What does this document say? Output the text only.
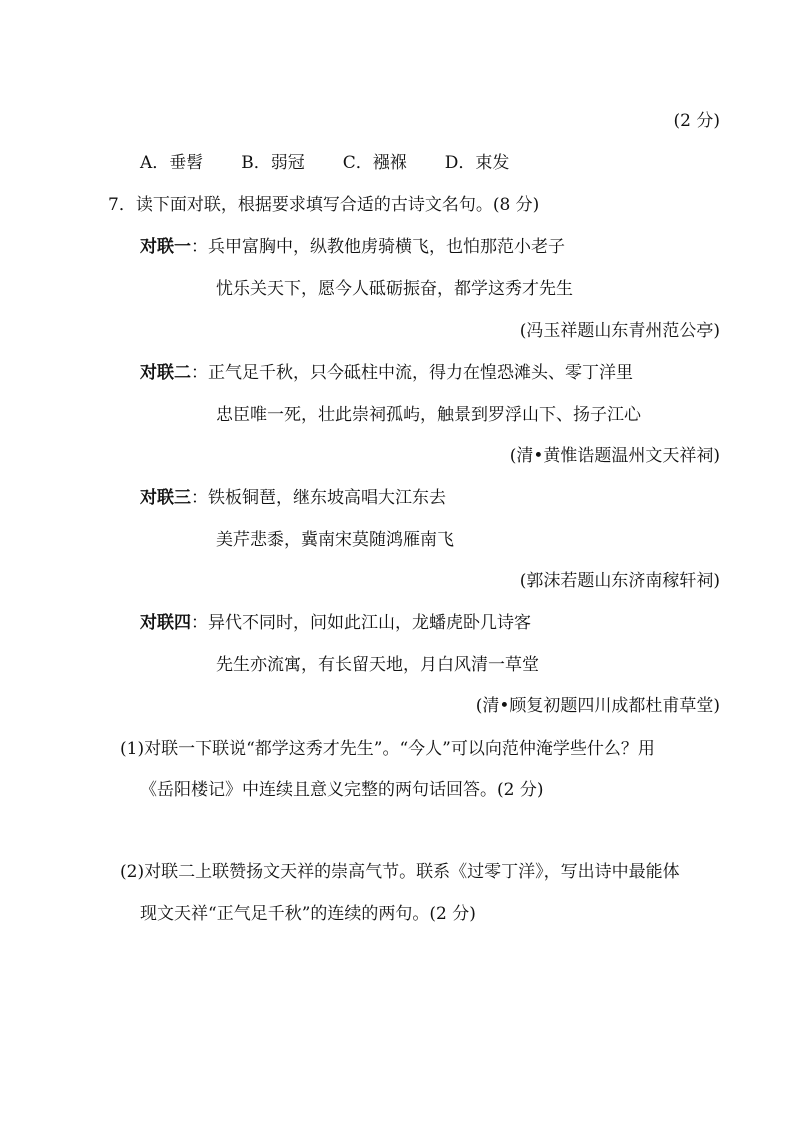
(2 分)
A．垂髫 B．弱冠 C．襁褓 D．束发
7．读下面对联，根据要求填写合适的古诗文名句。(8 分)
对联一：兵甲富胸中，纵教他虏骑横飞，也怕那范小老子
忧乐关天下，愿今人砥砺振奋，都学这秀才先生
(冯玉祥题山东青州范公亭)
对联二：正气足千秋，只今砥柱中流，得力在惶恐滩头、零丁洋里
忠臣唯一死，壮此崇祠孤屿，触景到罗浮山下、扬子江心
(清•黄惟诰题温州文天祥祠)
对联三：铁板铜琶，继东坡高唱大江东去
美芹悲黍，冀南宋莫随鸿雁南飞
(郭沫若题山东济南稼轩祠)
对联四：异代不同时，问如此江山，龙蟠虎卧几诗客
先生亦流寓，有长留天地，月白风清一草堂
(清•顾复初题四川成都杜甫草堂)
(1)对联一下联说“都学这秀才先生”。“今人”可以向范仲淹学些什么？用
《岳阳楼记》中连续且意义完整的两句话回答。(2 分)
(2)对联二上联赞扬文天祥的崇高气节。联系《过零丁洋》，写出诗中最能体
现文天祥“正气足千秋”的连续的两句。(2 分)
